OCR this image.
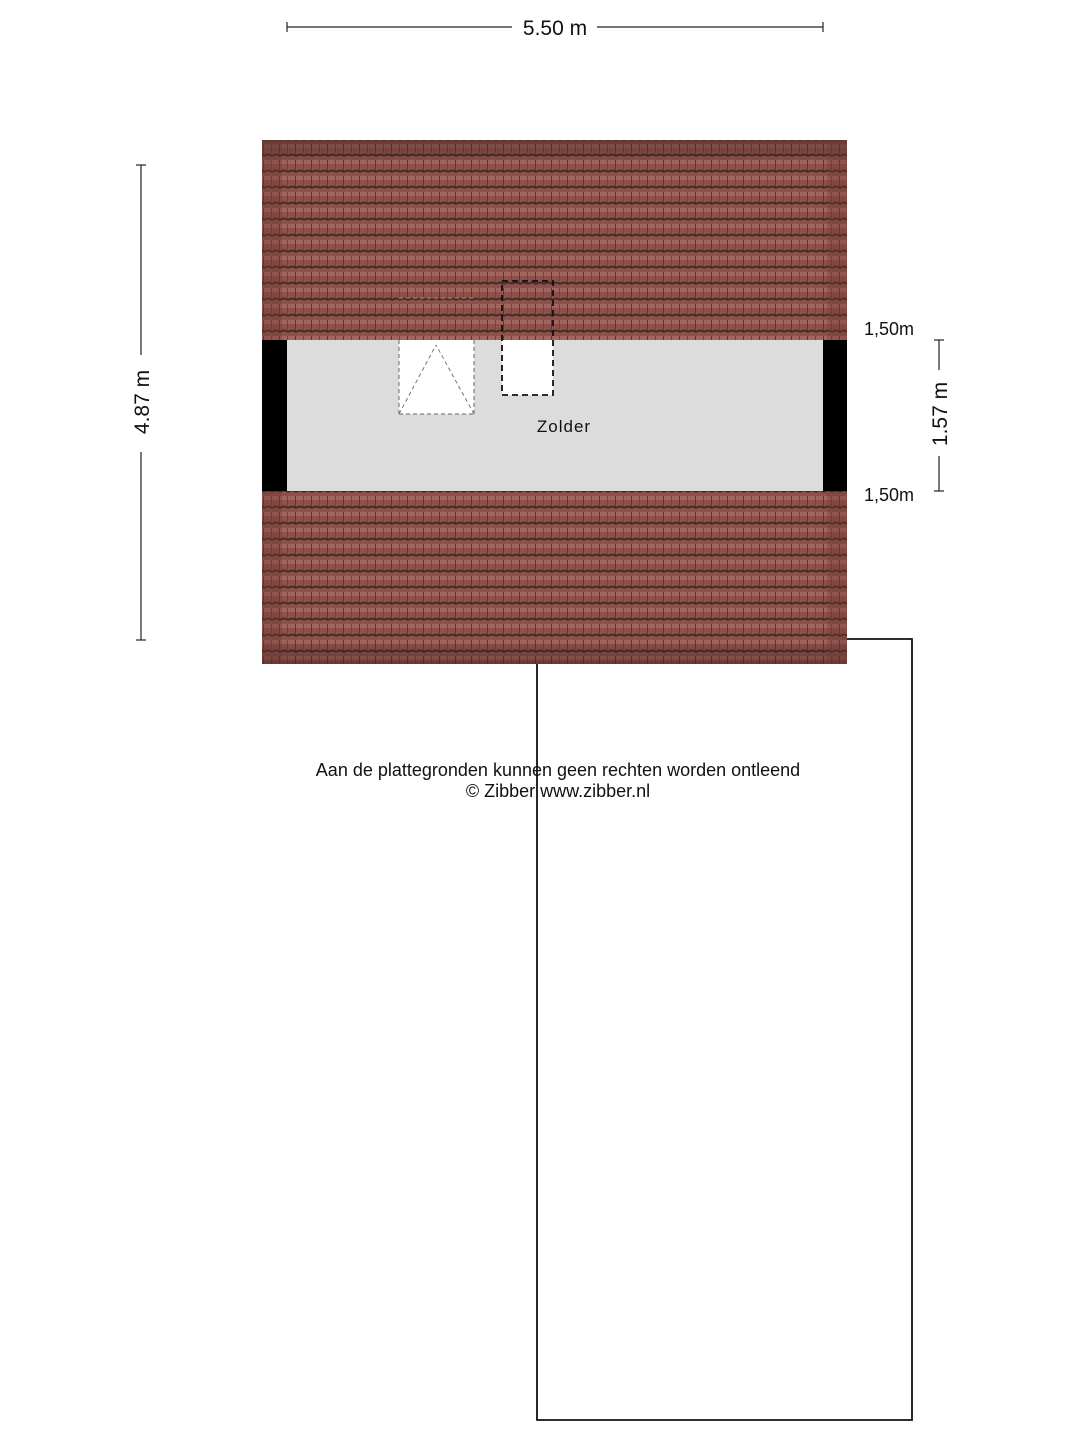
5.50 m
4.87 m	Zolder
1,50m
1,50m
1.57 m
Aan de plattegronden kunnen geen rechten worden ontleend
© Zibber www.zibber.nl
